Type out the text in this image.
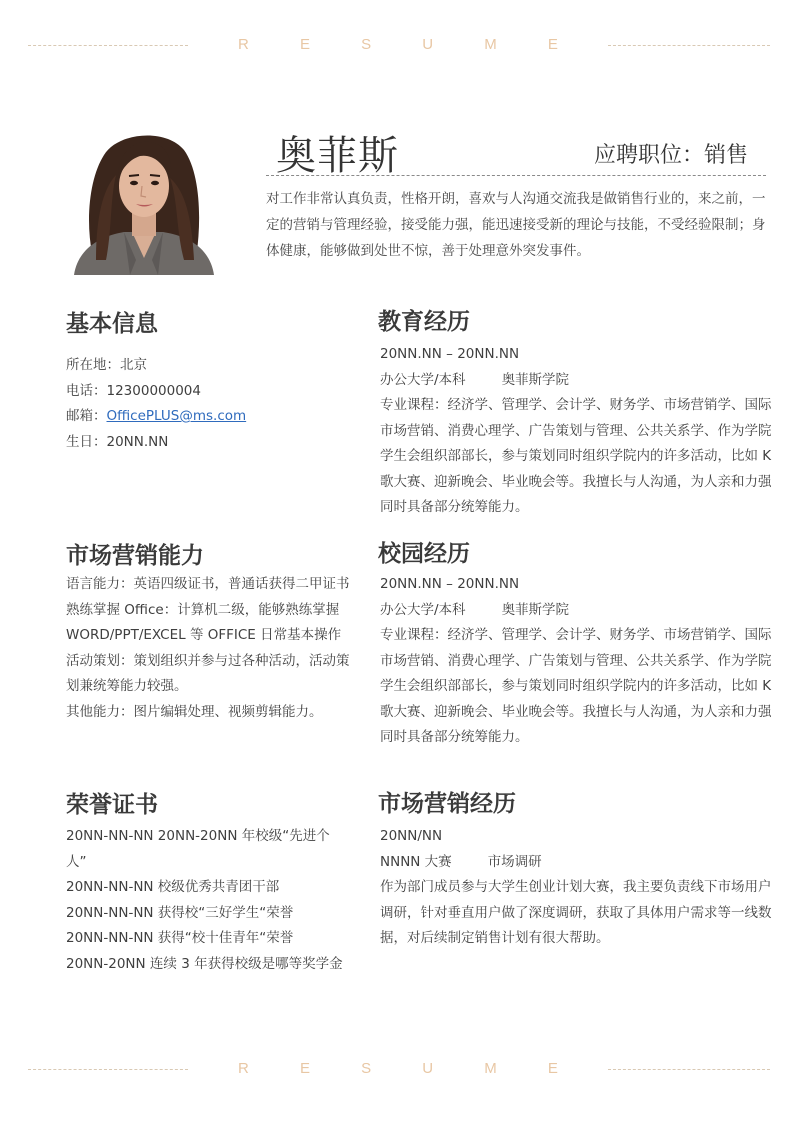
R	E	S	U	M	E
奥菲斯	应聘职位：销售
对工作非常认真负责，性格开朗，喜欢与人沟通交流我是做销售行业的，来之前，一定的营销与管理经验，接受能力强，能迅速接受新的理论与技能，不受经验限制；身体健康，能够做到处世不惊，善于处理意外突发事件。
基本信息

所在地：北京

电话：12300000004

邮箱：OfficePLUS@ms.com

生日：20NN.NN

市场营销能力

语言能力：英语四级证书，普通话获得二甲证书

熟练掌握 Office：计算机二级，能够熟练掌握 WORD/PPT/EXCEL 等 OFFICE 日常基本操作

活动策划：策划组织并参与过各种活动，活动策划兼统筹能力较强。

其他能力：图片编辑处理、视频剪辑能力。

荣誉证书

20NN-NN-NN 20NN-20NN 年校级“先进个人”

20NN-NN-NN 校级优秀共青团干部

20NN-NN-NN 获得校“三好学生“荣誉

20NN-NN-NN 获得“校十佳青年“荣誉

20NN-20NN 连续 3 年获得校级是哪等奖学金

教育经历

20NN.NN – 20NN.NN

办公大学/本科	奥菲斯学院

专业课程：经济学、管理学、会计学、财务学、市场营销学、国际市场营销、消费心理学、广告策划与管理、公共关系学、作为学院学生会组织部部长，参与策划同时组织学院内的许多活动，比如 K 歌大赛、迎新晚会、毕业晚会等。我擅长与人沟通，为人亲和力强同时具备部分统筹能力。

校园经历

20NN.NN – 20NN.NN

办公大学/本科	奥菲斯学院

专业课程：经济学、管理学、会计学、财务学、市场营销学、国际市场营销、消费心理学、广告策划与管理、公共关系学、作为学院学生会组织部部长，参与策划同时组织学院内的许多活动，比如 K 歌大赛、迎新晚会、毕业晚会等。我擅长与人沟通，为人亲和力强同时具备部分统筹能力。

市场营销经历

20NN/NN

NNNN 大赛	市场调研

作为部门成员参与大学生创业计划大赛，我主要负责线下市场用户调研，针对垂直用户做了深度调研，获取了具体用户需求等一线数据，对后续制定销售计划有很大帮助。

R	E	S	U	M	E
